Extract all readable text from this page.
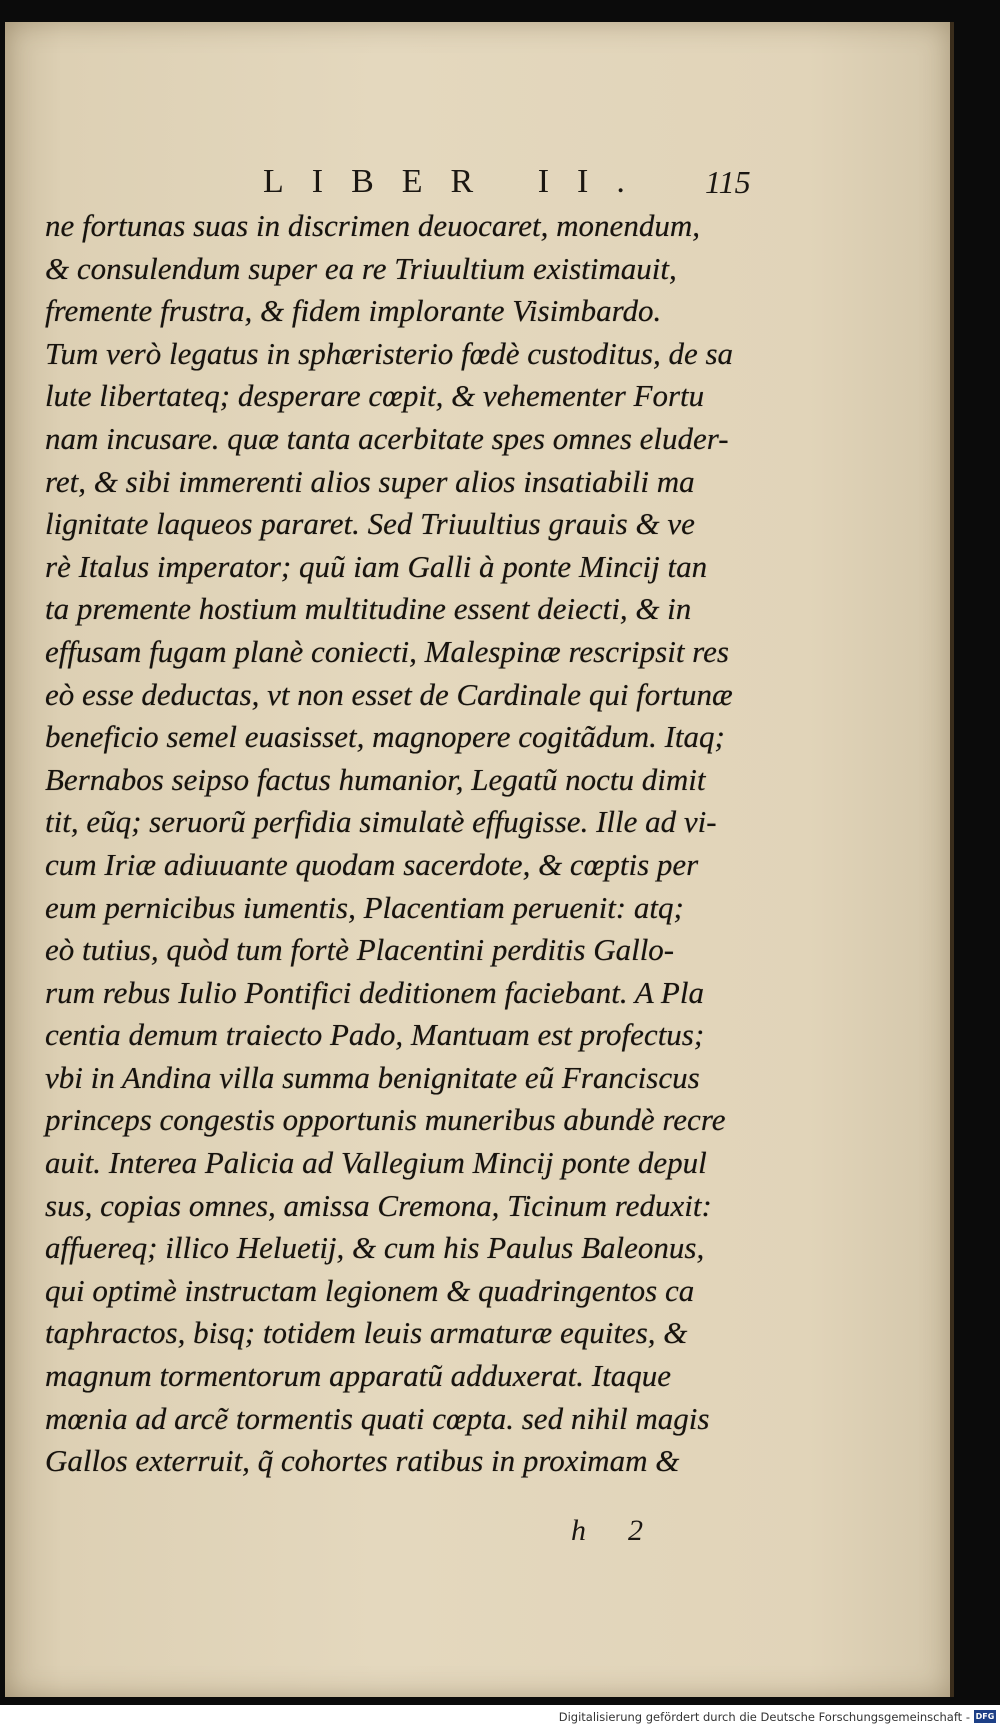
LIBER II. 115
ne fortunas suas in discrimen deuocaret, monendum,
& consulendum super ea re Triuultium existimauit,
fremente frustra, & fidem implorante Visimbardo.
Tum verò legatus in sphæristerio fœdè custoditus, de sa
lute libertateq; desperare cœpit, & vehementer Fortu
nam incusare. quæ tanta acerbitate spes omnes eluder-
ret, & sibi immerenti alios super alios insatiabili ma
lignitate laqueos pararet. Sed Triuultius grauis & ve
rè Italus imperator; quũ iam Galli à ponte Mincij tan
ta premente hostium multitudine essent deiecti, & in
effusam fugam planè coniecti, Malespinæ rescripsit res
eò esse deductas, vt non esset de Cardinale qui fortunæ
beneficio semel euasisset, magnopere cogitãdum. Itaq;
Bernabos seipso factus humanior, Legatũ noctu dimit
tit, eũq; seruorũ perfidia simulatè effugisse. Ille ad vi-
cum Iriæ adiuuante quodam sacerdote, & cœptis per
eum pernicibus iumentis, Placentiam peruenit: atq;
eò tutius, quòd tum fortè Placentini perditis Gallo-
rum rebus Iulio Pontifici deditionem faciebant. A Pla
centia demum traiecto Pado, Mantuam est profectus;
vbi in Andina villa summa benignitate eũ Franciscus
princeps congestis opportunis muneribus abundè recre
auit. Interea Palicia ad Vallegium Mincij ponte depul
sus, copias omnes, amissa Cremona, Ticinum reduxit:
affuereq; illico Heluetij, & cum his Paulus Baleonus,
qui optimè instructam legionem & quadringentos ca
taphractos, bisq; totidem leuis armaturæ equites, &
magnum tormentorum apparatũ adduxerat. Itaque
mœnia ad arcẽ tormentis quati cœpta. sed nihil magis
Gallos exterruit, q̃ cohortes ratibus in proximam &
h 2
Digitalisierung gefördert durch die Deutsche Forschungsgemeinschaft - DFG
